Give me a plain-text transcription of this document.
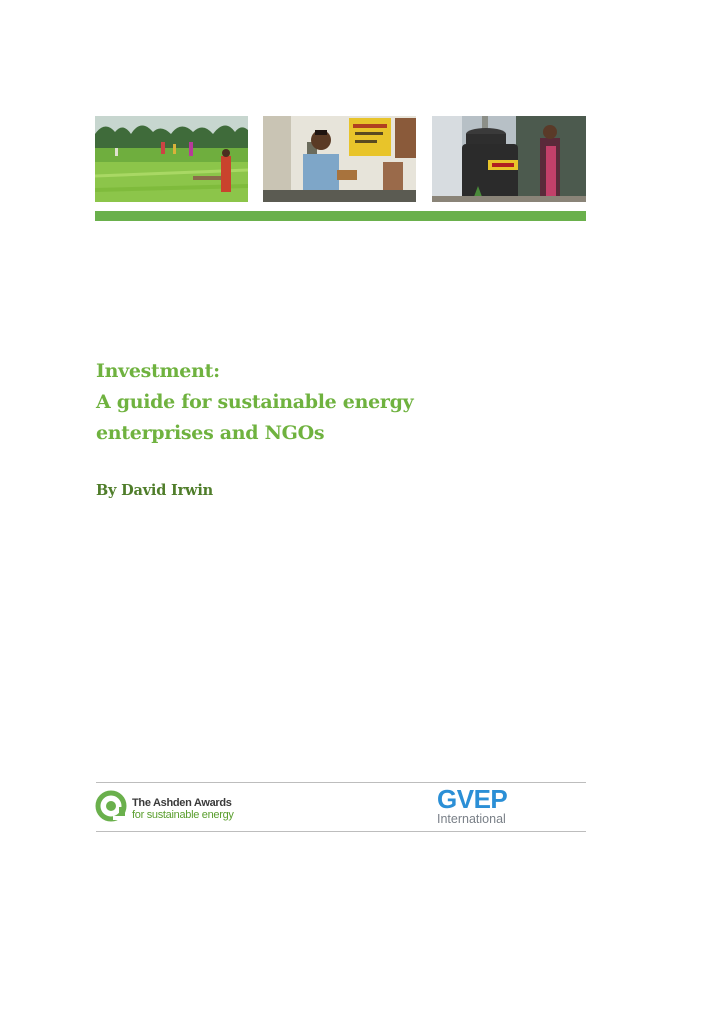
Investment:
A guide for sustainable energy
enterprises and NGOs
By David Irwin
The Ashden Awards
for sustainable energy
GVEP
International
